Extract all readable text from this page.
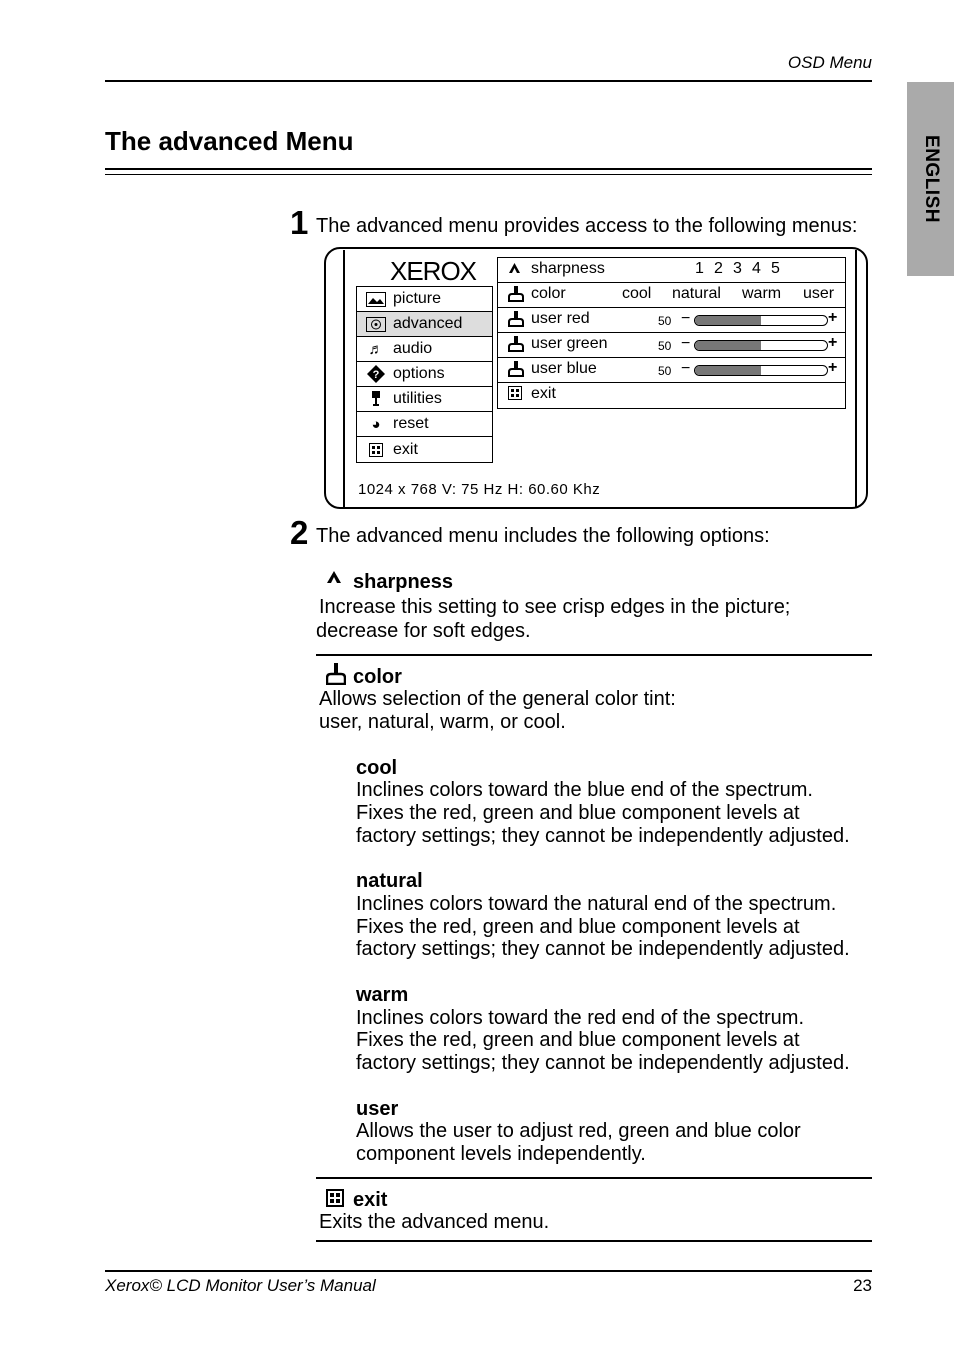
OSD Menu
ENGLISH
The advanced Menu
1 The advanced menu provides access to the following menus:
XEROX
picture
advanced
♬ audio
? options
utilities
◕ reset
exit
sharpness	1 2 3 4 5
color	cool natural warm user
user red	50 −	+
user green	50 −	+
user blue	50 −	+
exit
1024 x 768 V: 75 Hz H: 60.60 Khz
2 The advanced menu includes the following options:
sharpness
Increase this setting to see crisp edges in the picture;
decrease for soft edges.
color
Allows selection of the general color tint:
user, natural, warm, or cool.
cool
Inclines colors toward the blue end of the spectrum.
Fixes the red, green and blue component levels at
factory settings; they cannot be independently adjusted.
natural
Inclines colors toward the natural end of the spectrum.
Fixes the red, green and blue component levels at
factory settings; they cannot be independently adjusted.
warm
Inclines colors toward the red end of the spectrum.
Fixes the red, green and blue component levels at
factory settings; they cannot be independently adjusted.
user
Allows the user to adjust red, green and blue color
component levels independently.
exit
Exits the advanced menu.
Xerox© LCD Monitor User’s Manual	23
